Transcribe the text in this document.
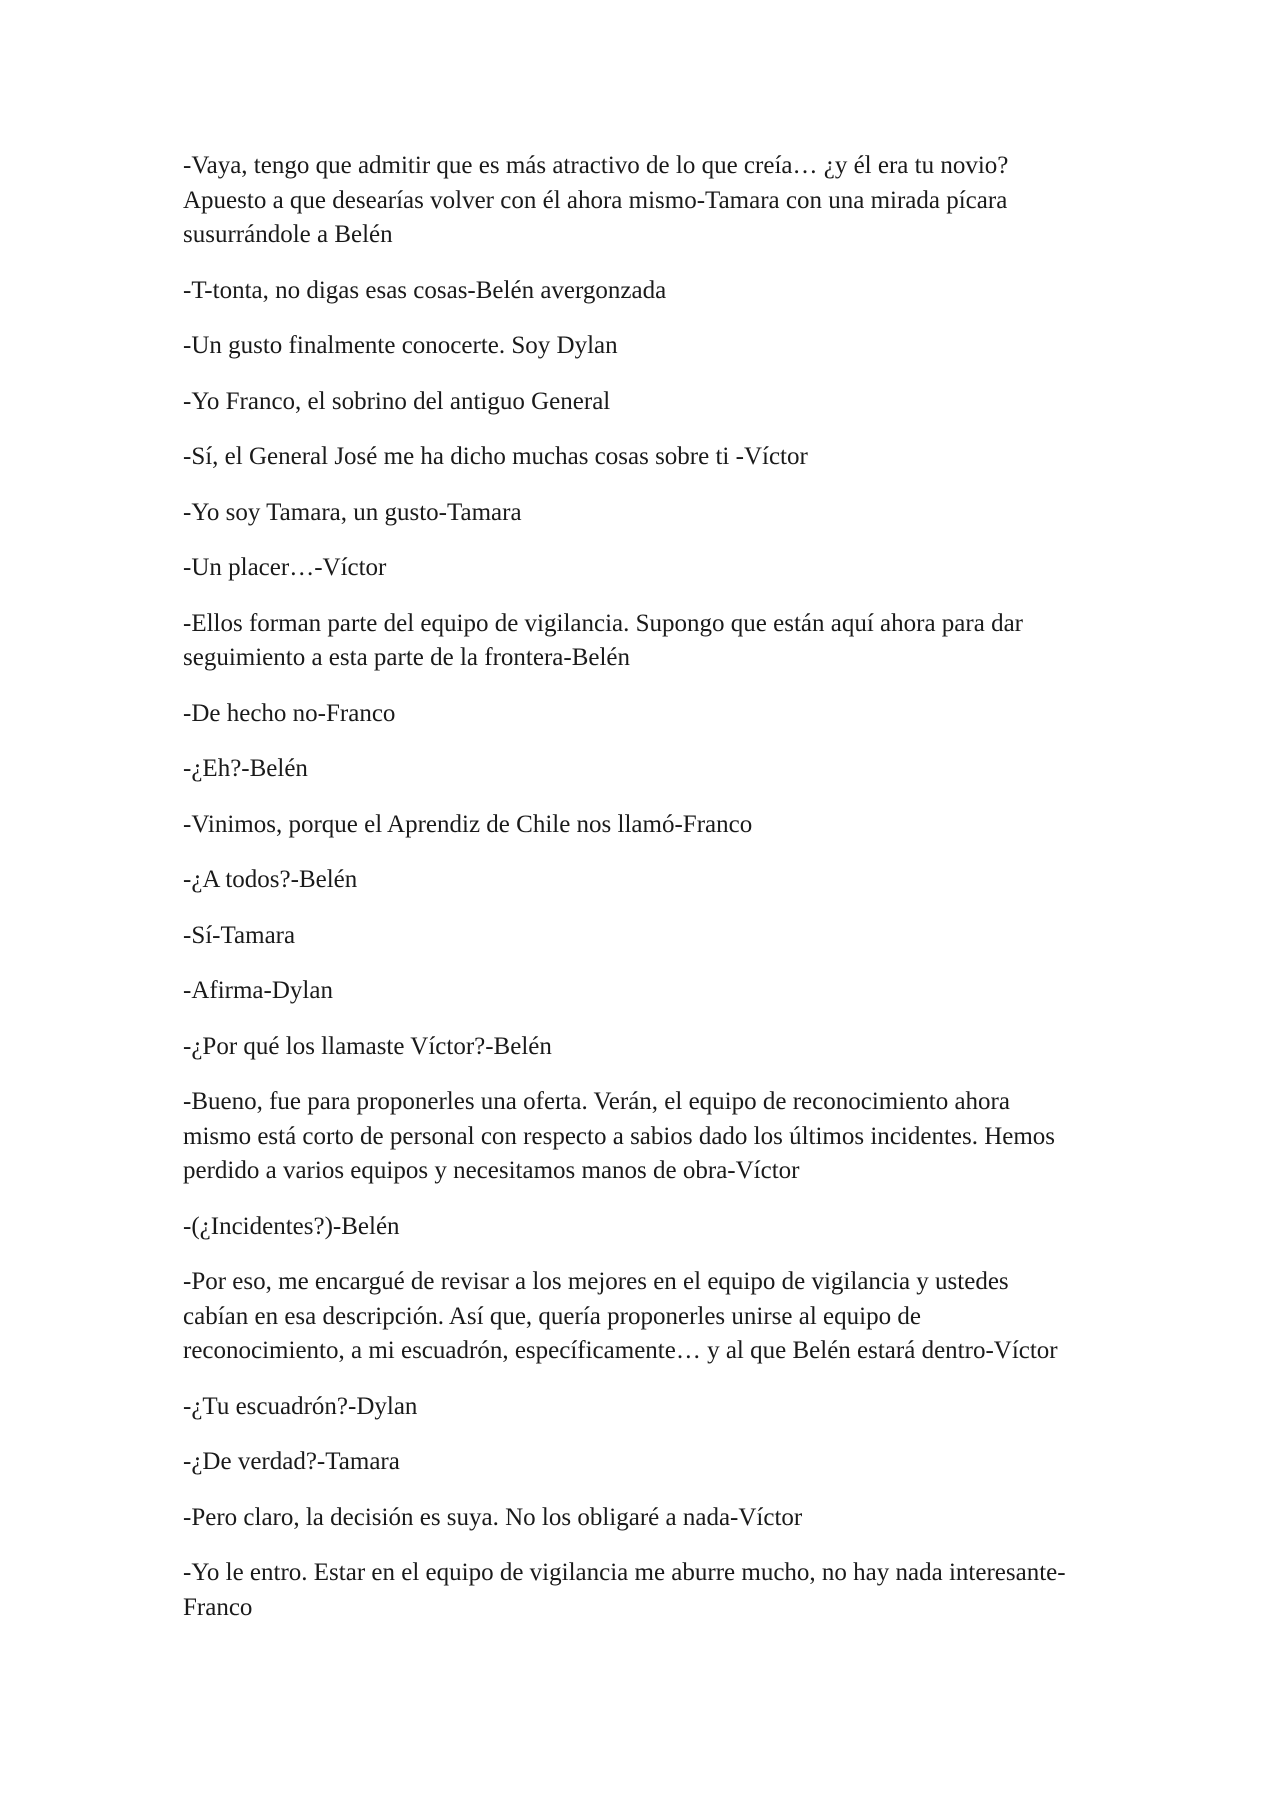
-Vaya, tengo que admitir que es más atractivo de lo que creía… ¿y él era tu novio?
Apuesto a que desearías volver con él ahora mismo-Tamara con una mirada pícara
susurrándole a Belén

-T-tonta, no digas esas cosas-Belén avergonzada

-Un gusto finalmente conocerte. Soy Dylan

-Yo Franco, el sobrino del antiguo General

-Sí, el General José me ha dicho muchas cosas sobre ti -Víctor

-Yo soy Tamara, un gusto-Tamara

-Un placer…-Víctor

-Ellos forman parte del equipo de vigilancia. Supongo que están aquí ahora para dar
seguimiento a esta parte de la frontera-Belén

-De hecho no-Franco

-¿Eh?-Belén

-Vinimos, porque el Aprendiz de Chile nos llamó-Franco

-¿A todos?-Belén

-Sí-Tamara

-Afirma-Dylan

-¿Por qué los llamaste Víctor?-Belén

-Bueno, fue para proponerles una oferta. Verán, el equipo de reconocimiento ahora
mismo está corto de personal con respecto a sabios dado los últimos incidentes. Hemos
perdido a varios equipos y necesitamos manos de obra-Víctor

-(¿Incidentes?)-Belén

-Por eso, me encargué de revisar a los mejores en el equipo de vigilancia y ustedes
cabían en esa descripción. Así que, quería proponerles unirse al equipo de
reconocimiento, a mi escuadrón, específicamente… y al que Belén estará dentro-Víctor

-¿Tu escuadrón?-Dylan

-¿De verdad?-Tamara

-Pero claro, la decisión es suya. No los obligaré a nada-Víctor

-Yo le entro. Estar en el equipo de vigilancia me aburre mucho, no hay nada interesante-
Franco
